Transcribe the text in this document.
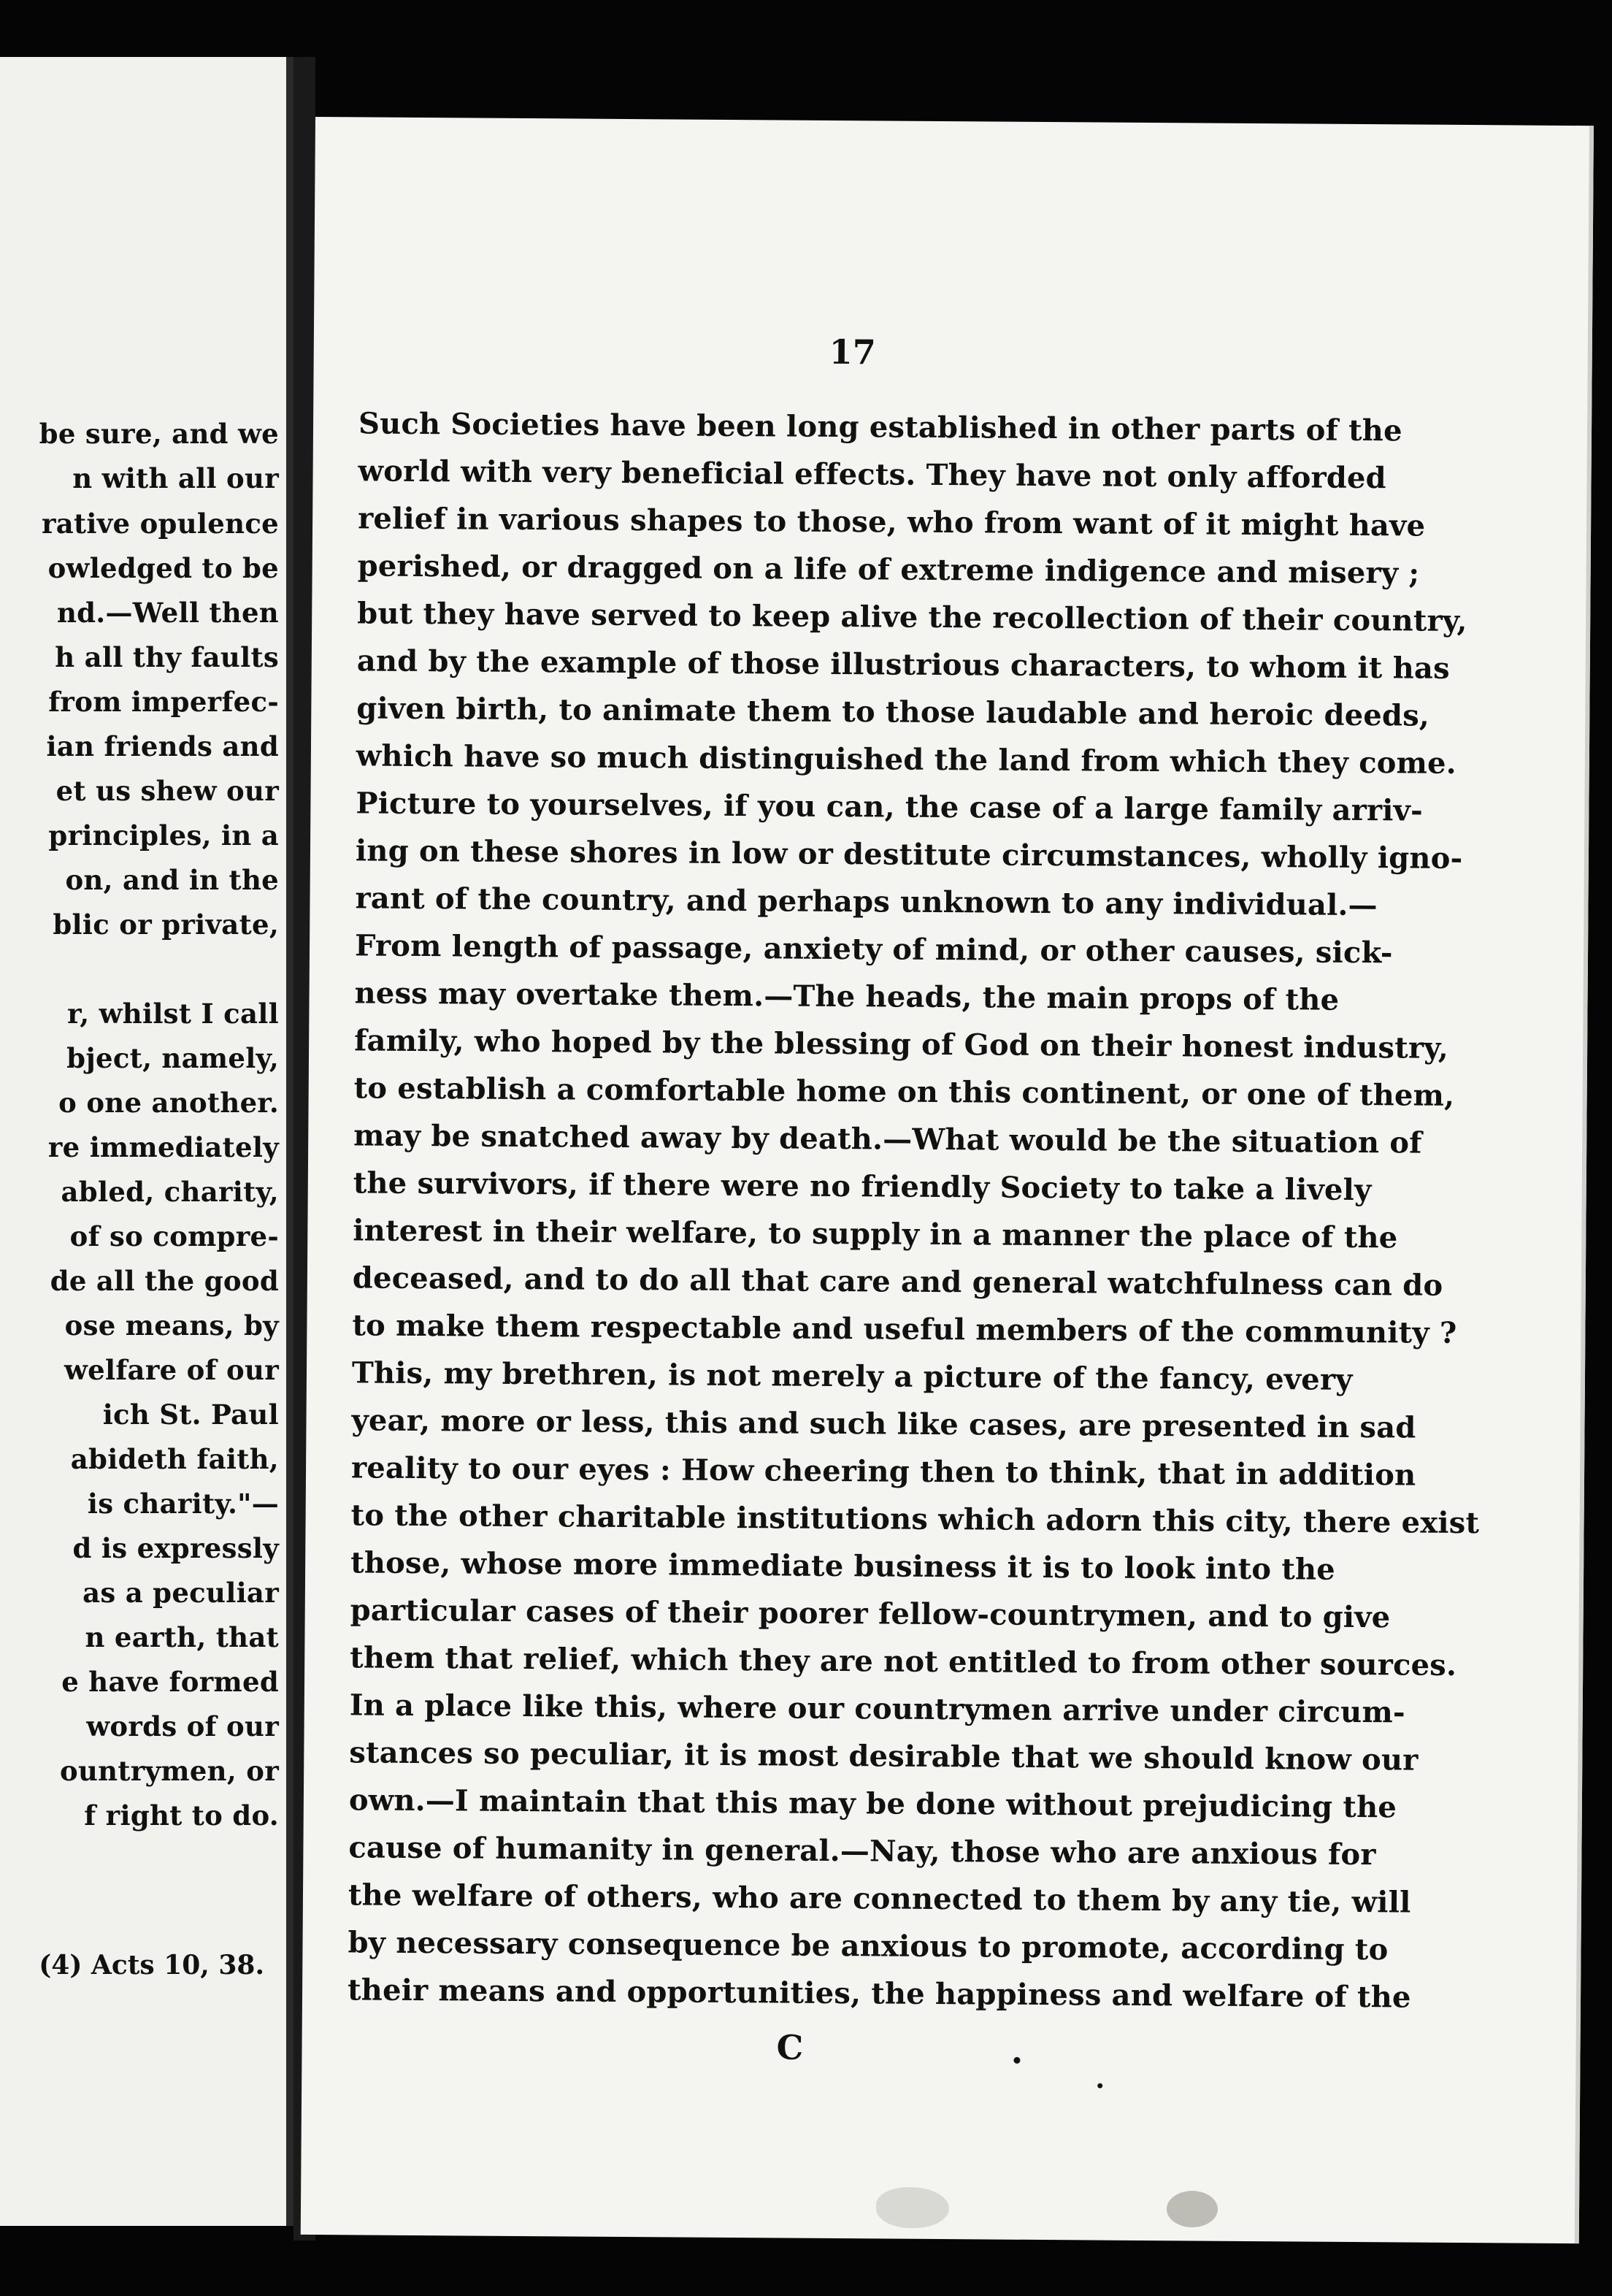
be sure, and we
n with all our
rative opulence
owledged to be
nd.—Well then
h all thy faults
from imperfec-
ian friends and
et us shew our
principles, in a
on, and in the
blic or private,
r, whilst I call
bject, namely,
o one another.
re immediately
abled, charity,
of so compre-
de all the good
ose means, by
welfare of our
ich St. Paul
abideth faith,
is charity."—
d is expressly
as a peculiar
n earth, that
e have formed
words of our
ountrymen, or
f right to do.
(4) Acts 10, 38.
17
Such Societies have been long established in other parts of the
world with very beneficial effects. They have not only afforded
relief in various shapes to those, who from want of it might have
perished, or dragged on a life of extreme indigence and misery ;
but they have served to keep alive the recollection of their country,
and by the example of those illustrious characters, to whom it has
given birth, to animate them to those laudable and heroic deeds,
which have so much distinguished the land from which they come.
Picture to yourselves, if you can, the case of a large family arriv-
ing on these shores in low or destitute circumstances, wholly igno-
rant of the country, and perhaps unknown to any individual.—
From length of passage, anxiety of mind, or other causes, sick-
ness may overtake them.—The heads, the main props of the
family, who hoped by the blessing of God on their honest industry,
to establish a comfortable home on this continent, or one of them,
may be snatched away by death.—What would be the situation of
the survivors, if there were no friendly Society to take a lively
interest in their welfare, to supply in a manner the place of the
deceased, and to do all that care and general watchfulness can do
to make them respectable and useful members of the community ?
This, my brethren, is not merely a picture of the fancy, every
year, more or less, this and such like cases, are presented in sad
reality to our eyes : How cheering then to think, that in addition
to the other charitable institutions which adorn this city, there exist
those, whose more immediate business it is to look into the
particular cases of their poorer fellow-countrymen, and to give
them that relief, which they are not entitled to from other sources.
In a place like this, where our countrymen arrive under circum-
stances so peculiar, it is most desirable that we should know our
own.—I maintain that this may be done without prejudicing the
cause of humanity in general.—Nay, those who are anxious for
the welfare of others, who are connected to them by any tie, will
by necessary consequence be anxious to promote, according to
their means and opportunities, the happiness and welfare of the
C
